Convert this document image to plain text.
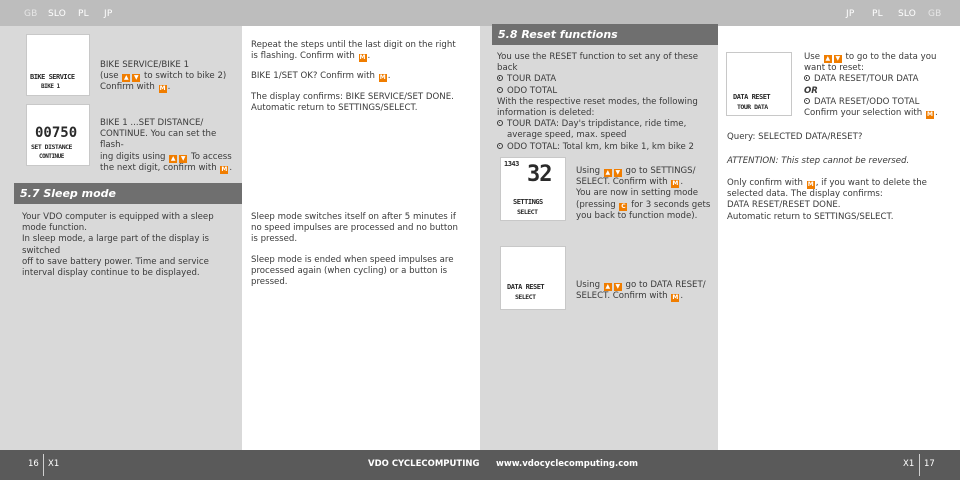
GB SLO PL JP	JP PL SLO GB
BIKE SERVICE
BIKE 1

BIKE SERVICE/BIKE 1

(use ▲ ▼ to switch to bike 2)

Confirm with M .

00750
SET DISTANCE
CONTINUE

BIKE 1 ...SET DISTANCE/

CONTINUE. You can set the flash-

ing digits using ▲ ▼ To access

the next digit, confirm with M .

Repeat the steps until the last digit on the right

is flashing. Confirm with M .

BIKE 1/SET OK? Confirm with M .

The display confirms: BIKE SERVICE/SET DONE.

Automatic return to SETTINGS/SELECT.

5.7 Sleep mode

Your VDO computer is equipped with a sleep

mode function.

In sleep mode, a large part of the display is switched

off to save battery power. Time and service

interval display continue to be displayed.

Sleep mode switches itself on after 5 minutes if

no speed impulses are processed and no button

is pressed.

Sleep mode is ended when speed impulses are

processed again (when cycling) or a button is

pressed.

5.8 Reset functions

You use the RESET function to set any of these back

TOUR DATA

ODO TOTAL

With the respective reset modes, the following

information is deleted:

TOUR DATA: Day's tripdistance, ride time,

average speed, max. speed

ODO TOTAL: Total km, km bike 1, km bike 2

1343 32
SETTINGS
SELECT

Using ▲ ▼ go to SETTINGS/

SELECT. Confirm with M .

You are now in setting mode

(pressing C for 3 seconds gets

you back to function mode).

DATA RESET
SELECT

Using ▲ ▼ go to DATA RESET/

SELECT. Confirm with M .

DATA RESET
TOUR DATA

Use ▲ ▼ to go to the data you

want to reset:

DATA RESET/TOUR DATA

OR

DATA RESET/ODO TOTAL

Confirm your selection with M .

Query: SELECTED DATA/RESET?
ATTENTION: This step cannot be reversed.

Only confirm with M , if you want to delete the

selected data. The display confirms:

DATA RESET/RESET DONE.

Automatic return to SETTINGS/SELECT.

16 X1	VDO CYCLECOMPUTING www.vdocyclecomputing.com	X1 17
